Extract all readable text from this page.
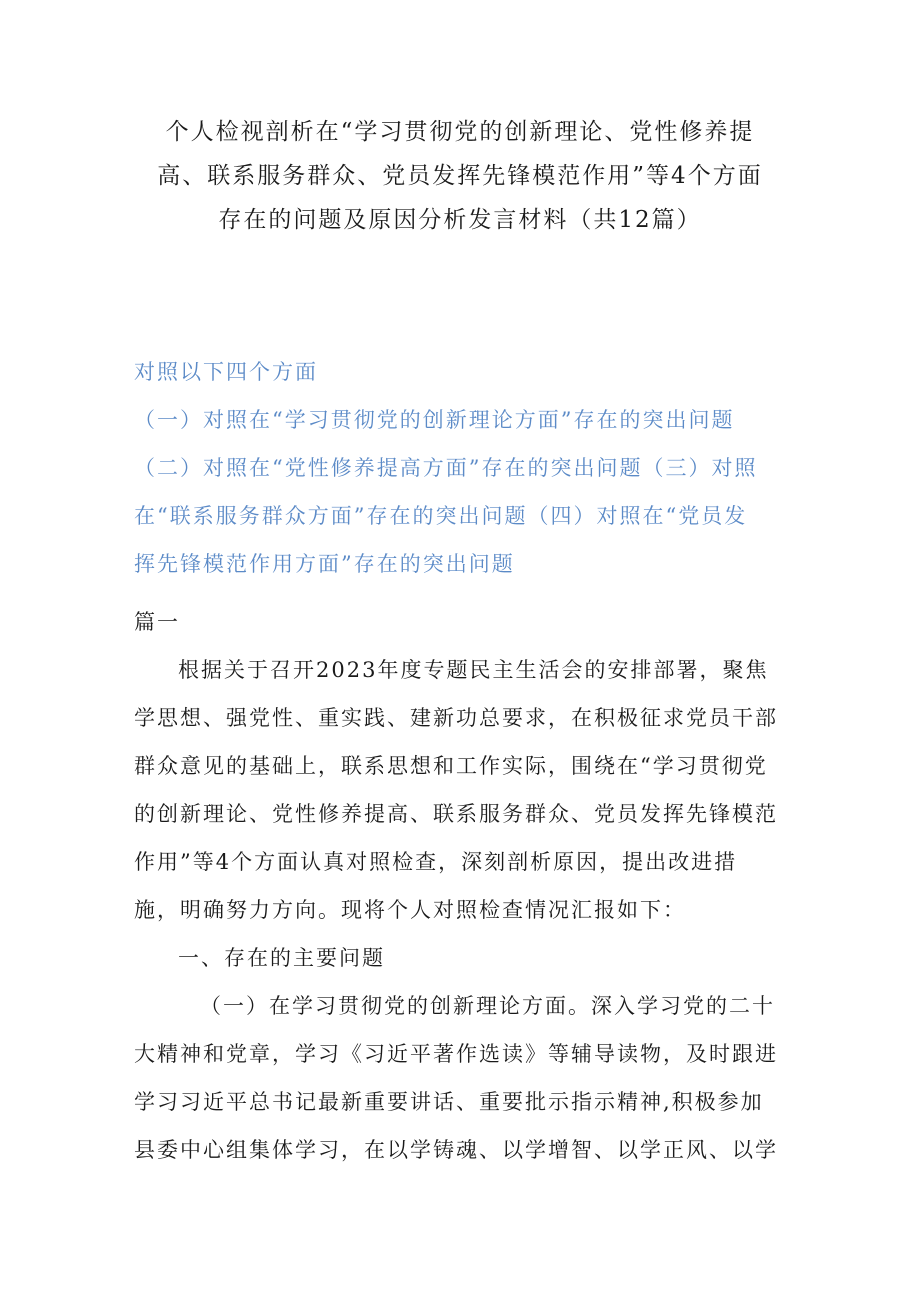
个人检视剖析在“学习贯彻党的创新理论、党性修养提
高、联系服务群众、党员发挥先锋模范作用”等4个方面
存在的问题及原因分析发言材料（共12篇）
对照以下四个方面
（一）对照在“学习贯彻党的创新理论方面”存在的突出问题
（二）对照在“党性修养提高方面”存在的突出问题（三）对照
在“联系服务群众方面”存在的突出问题（四）对照在“党员发
挥先锋模范作用方面”存在的突出问题
篇一
根据关于召开2023年度专题民主生活会的安排部署，聚焦
学思想、强党性、重实践、建新功总要求，在积极征求党员干部
群众意见的基础上，联系思想和工作实际，围绕在“学习贯彻党
的创新理论、党性修养提高、联系服务群众、党员发挥先锋模范
作用”等4个方面认真对照检查，深刻剖析原因，提出改进措
施，明确努力方向。现将个人对照检查情况汇报如下：
一、存在的主要问题
（一）在学习贯彻党的创新理论方面。深入学习党的二十
大精神和党章，学习《习近平著作选读》等辅导读物，及时跟进
学习习近平总书记最新重要讲话、重要批示指示精神,积极参加
县委中心组集体学习，在以学铸魂、以学增智、以学正风、以学
